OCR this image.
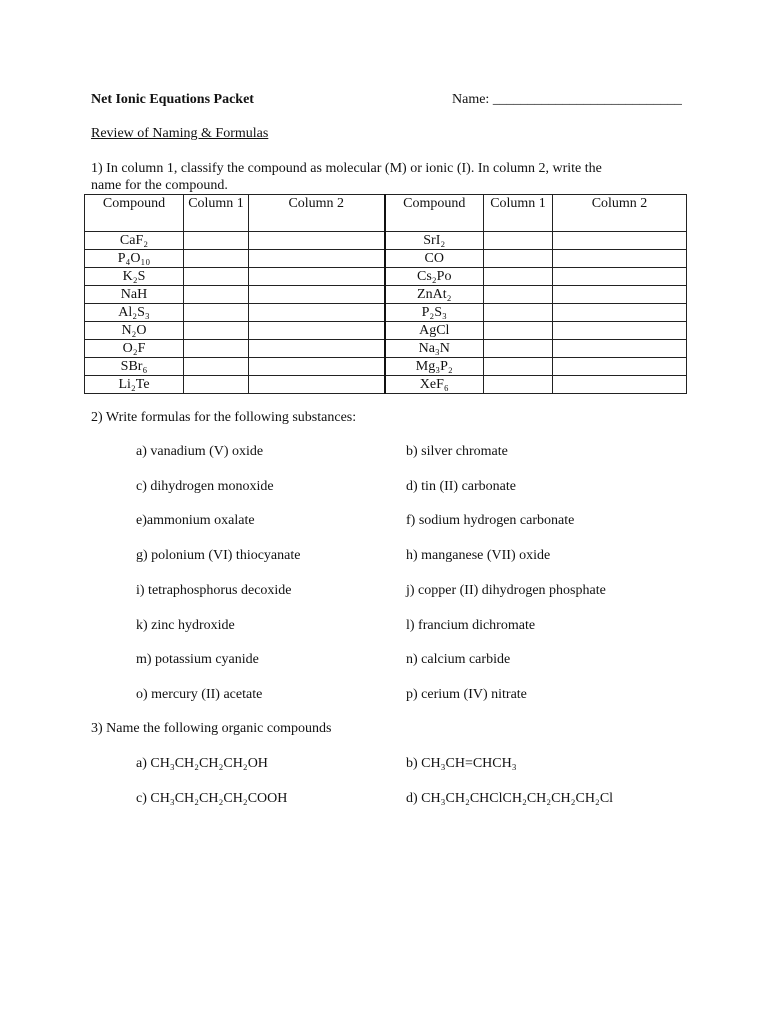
Net Ionic Equations Packet	Name: ___________________________
Review of Naming & Formulas
1) In column 1, classify the compound as molecular (M) or ionic (I). In column 2, write the
name for the compound.
Compound	Column 1	Column 2	Compound	Column 1	Column 2
CaF₂			SrI₂		
P₄O₁₀			CO		
K₂S			Cs₂Po		
NaH			ZnAt₂		
Al₂S₃			P₂S₃		
N₂O			AgCl		
O₂F			Na₃N		
SBr₆			Mg₃P₂		
Li₂Te			XeF₆		
2) Write formulas for the following substances:
a) vanadium (V) oxide	b) silver chromate
c) dihydrogen monoxide	d) tin (II) carbonate
e)ammonium oxalate	f) sodium hydrogen carbonate
g) polonium (VI) thiocyanate	h) manganese (VII) oxide
i) tetraphosphorus decoxide	j) copper (II) dihydrogen phosphate
k) zinc hydroxide	l) francium dichromate
m) potassium cyanide	n) calcium carbide
o) mercury (II) acetate	p) cerium (IV) nitrate
3) Name the following organic compounds
a) CH₃CH₂CH₂CH₂OH	b) CH₃CH=CHCH₃
c) CH₃CH₂CH₂CH₂COOH	d) CH₃CH₂CHClCH₂CH₂CH₂CH₂Cl
